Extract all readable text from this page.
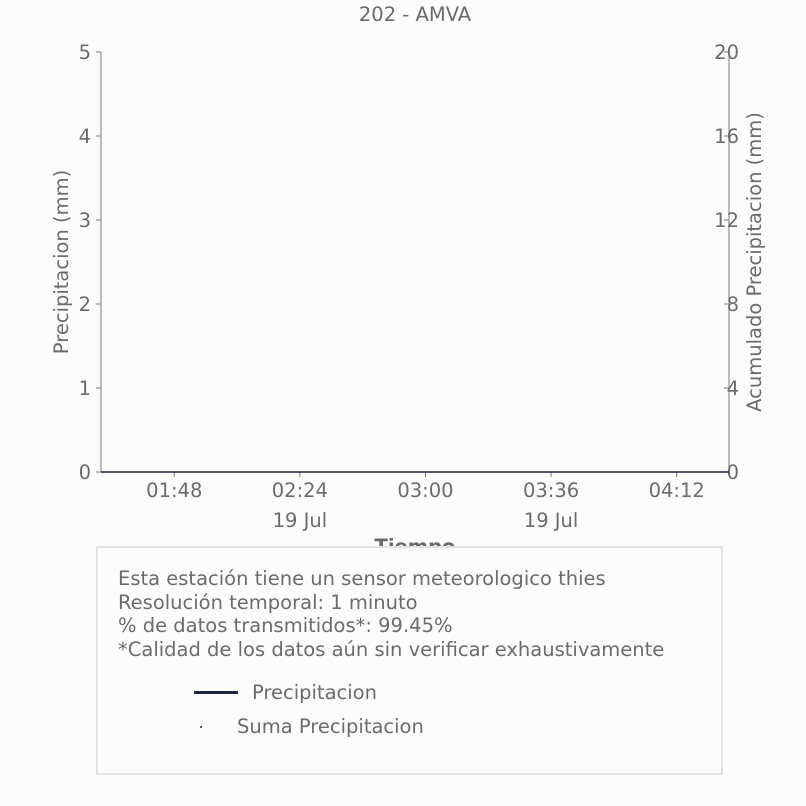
202 - AMVA
0
1
2
3
4
5
0
4
8
12
16
20
01:48	02:24
19 Jul
03:00	03:36
19 Jul
04:12
Precipitacion (mm)	Acumulado Precipitacion (mm)
Esta estación tiene un sensor meteorologico thies
Resolución temporal: 1 minuto
% de datos transmitidos*: 99.45%
*Calidad de los datos aún sin verificar exhaustivamente
Precipitacion
Suma Precipitacion
